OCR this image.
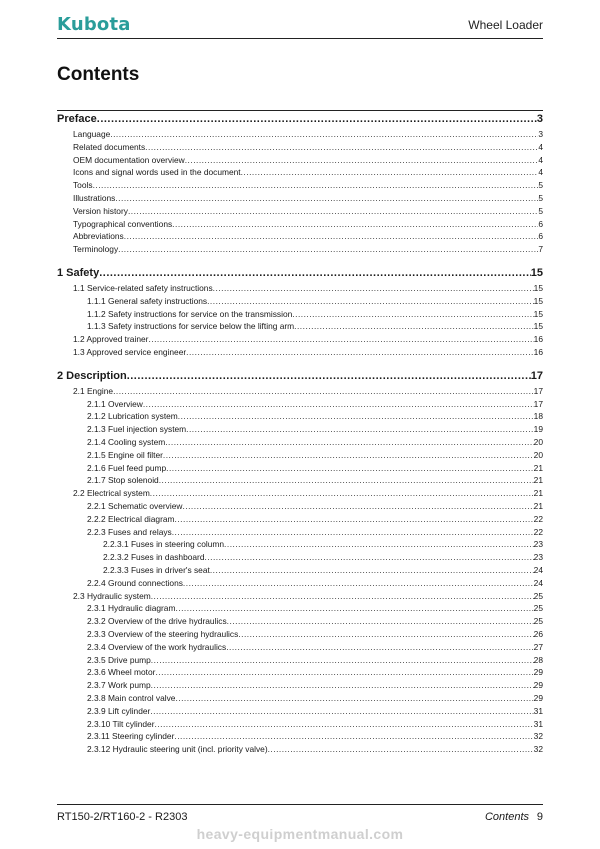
Kubota	Wheel Loader
Contents
Preface .....	3
Language .....	3
Related documents .....	4
OEM documentation overview .....	4
Icons and signal words used in the document .....	4
Tools .....	5
Illustrations .....	5
Version history .....	5
Typographical conventions .....	6
Abbreviations .....	6
Terminology .....	7
1 Safety .....	15
1.1 Service-related safety instructions .....	15
1.1.1 General safety instructions .....	15
1.1.2 Safety instructions for service on the transmission .....	15
1.1.3 Safety instructions for service below the lifting arm .....	15
1.2 Approved trainer .....	16
1.3 Approved service engineer .....	16
2 Description .....	17
2.1 Engine .....	17
2.1.1 Overview .....	17
2.1.2 Lubrication system .....	18
2.1.3 Fuel injection system .....	19
2.1.4 Cooling system .....	20
2.1.5 Engine oil filter .....	20
2.1.6 Fuel feed pump .....	21
2.1.7 Stop solenoid .....	21
2.2 Electrical system .....	21
2.2.1 Schematic overview .....	21
2.2.2 Electrical diagram .....	22
2.2.3 Fuses and relays .....	22
2.2.3.1 Fuses in steering column .....	23
2.2.3.2 Fuses in dashboard .....	23
2.2.3.3 Fuses in driver's seat .....	24
2.2.4 Ground connections .....	24
2.3 Hydraulic system .....	25
2.3.1 Hydraulic diagram .....	25
2.3.2 Overview of the drive hydraulics .....	25
2.3.3 Overview of the steering hydraulics .....	26
2.3.4 Overview of the work hydraulics .....	27
2.3.5 Drive pump .....	28
2.3.6 Wheel motor .....	29
2.3.7 Work pump .....	29
2.3.8 Main control valve .....	29
2.3.9 Lift cylinder .....	31
2.3.10 Tilt cylinder .....	31
2.3.11 Steering cylinder .....	32
2.3.12 Hydraulic steering unit (incl. priority valve) .....	32
RT150-2/RT160-2 - R2303	Contents 9
heavy-equipmentmanual.com
